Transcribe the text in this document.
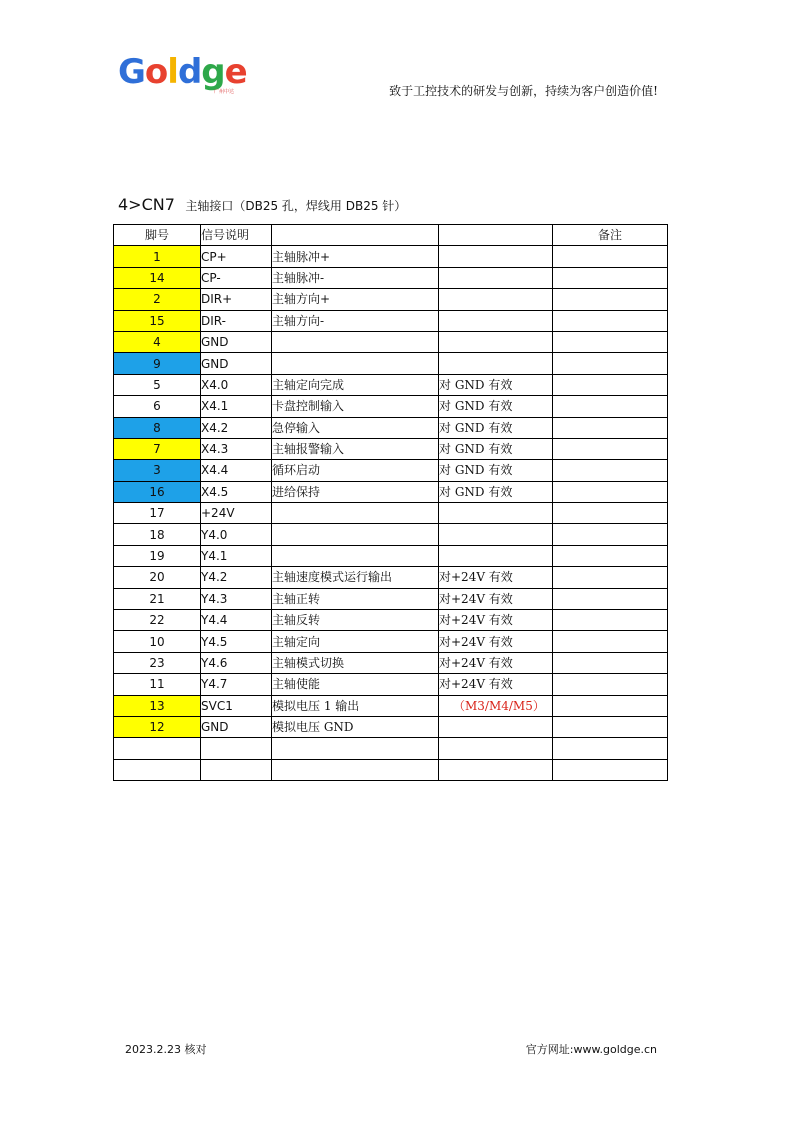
Goldge
广州中达	致于工控技术的研发与创新，持续为客户创造价值!
4>CN7 主轴接口（DB25 孔，焊线用 DB25 针）
脚号	信号说明			备注
1	CP+	主轴脉冲+		
14	CP-	主轴脉冲-		
2	DIR+	主轴方向+		
15	DIR-	主轴方向-		
4	GND			
9	GND			
5	X4.0	主轴定向完成	对 GND 有效	
6	X4.1	卡盘控制输入	对 GND 有效	
8	X4.2	急停输入	对 GND 有效	
7	X4.3	主轴报警输入	对 GND 有效	
3	X4.4	循环启动	对 GND 有效	
16	X4.5	进给保持	对 GND 有效	
17	+24V			
18	Y4.0			
19	Y4.1			
20	Y4.2	主轴速度模式运行输出	对+24V 有效	
21	Y4.3	主轴正转	对+24V 有效	
22	Y4.4	主轴反转	对+24V 有效	
10	Y4.5	主轴定向	对+24V 有效	
23	Y4.6	主轴模式切换	对+24V 有效	
11	Y4.7	主轴使能	对+24V 有效	
13	SVC1	模拟电压 1 输出	（M3/M4/M5）	
12	GND	模拟电压 GND		

2023.2.23 核对	官方网址:www.goldge.cn
